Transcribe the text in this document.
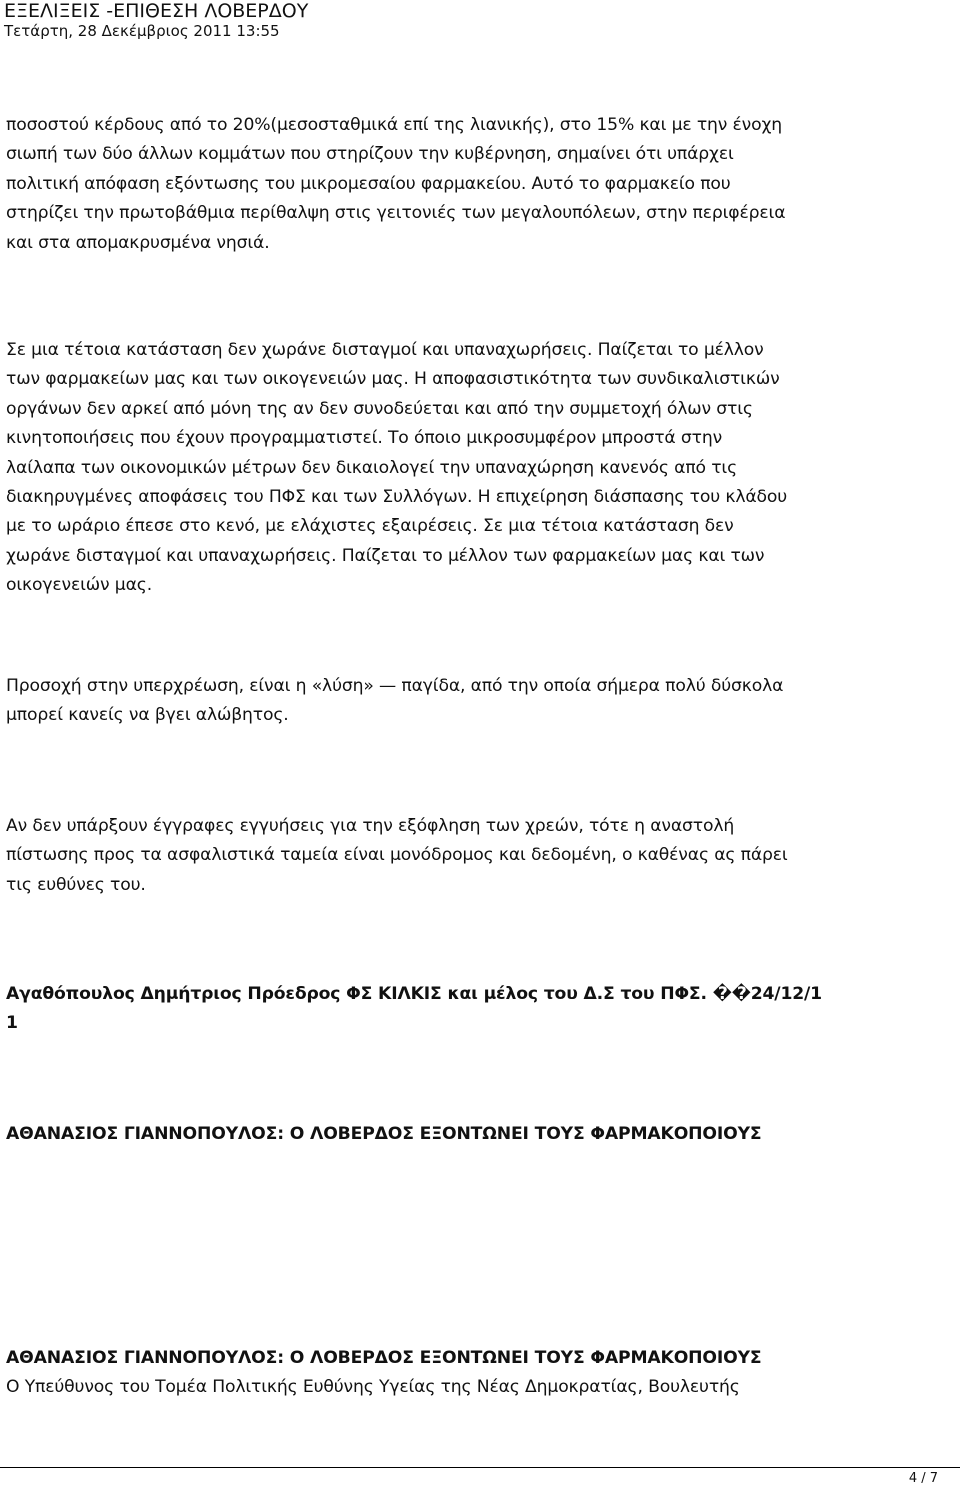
ΕΞΕΛΙΞΕΙΣ -ΕΠΙΘΕΣΗ ΛΟΒΕΡΔΟΥ
Τετάρτη, 28 Δεκέμβριος 2011 13:55
ποσοστού κέρδους από το 20%(μεσοσταθμικά επί της λιανικής), στο 15% και με την ένοχη
σιωπή των δύο άλλων κομμάτων που στηρίζουν την κυβέρνηση, σημαίνει ότι υπάρχει
πολιτική απόφαση εξόντωσης του μικρομεσαίου φαρμακείου. Αυτό το φαρμακείο που
στηρίζει την πρωτοβάθμια περίθαλψη στις γειτονιές των μεγαλουπόλεων, στην περιφέρεια
και στα απομακρυσμένα νησιά.
Σε μια τέτοια κατάσταση δεν χωράνε δισταγμοί και υπαναχωρήσεις. Παίζεται το μέλλον
των φαρμακείων μας και των οικογενειών μας. Η αποφασιστικότητα των συνδικαλιστικών
οργάνων δεν αρκεί από μόνη της αν δεν συνοδεύεται και από την συμμετοχή όλων στις
κινητοποιήσεις που έχουν προγραμματιστεί. Το όποιο μικροσυμφέρον μπροστά στην
λαίλαπα των οικονομικών μέτρων δεν δικαιολογεί την υπαναχώρηση κανενός από τις
διακηρυγμένες αποφάσεις του ΠΦΣ και των Συλλόγων. Η επιχείρηση διάσπασης του κλάδου
με το ωράριο έπεσε στο κενό, με ελάχιστες εξαιρέσεις. Σε μια τέτοια κατάσταση δεν
χωράνε δισταγμοί και υπαναχωρήσεις. Παίζεται το μέλλον των φαρμακείων μας και των
οικογενειών μας.
Προσοχή στην υπερχρέωση, είναι η «λύση» — παγίδα, από την οποία σήμερα πολύ δύσκολα
μπορεί κανείς να βγει αλώβητος.
Αν δεν υπάρξουν έγγραφες εγγυήσεις για την εξόφληση των χρεών, τότε η αναστολή
πίστωσης προς τα ασφαλιστικά ταμεία είναι μονόδρομος και δεδομένη, ο καθένας ας πάρει
τις ευθύνες του.
Αγαθόπουλος Δημήτριος Πρόεδρος ΦΣ ΚΙΛΚΙΣ και μέλος του Δ.Σ του ΠΦΣ. ��24/12/1
1
ΑΘΑΝΑΣΙΟΣ ΓΙΑΝΝΟΠΟΥΛΟΣ: Ο ΛΟΒΕΡΔΟΣ ΕΞΟΝΤΩΝΕΙ ΤΟΥΣ ΦΑΡΜΑΚΟΠΟΙΟΥΣ
ΑΘΑΝΑΣΙΟΣ ΓΙΑΝΝΟΠΟΥΛΟΣ: Ο ΛΟΒΕΡΔΟΣ ΕΞΟΝΤΩΝΕΙ ΤΟΥΣ ΦΑΡΜΑΚΟΠΟΙΟΥΣ
Ο Υπεύθυνος του Τομέα Πολιτικής Ευθύνης Υγείας της Νέας Δημοκρατίας, Βουλευτής
4 / 7
